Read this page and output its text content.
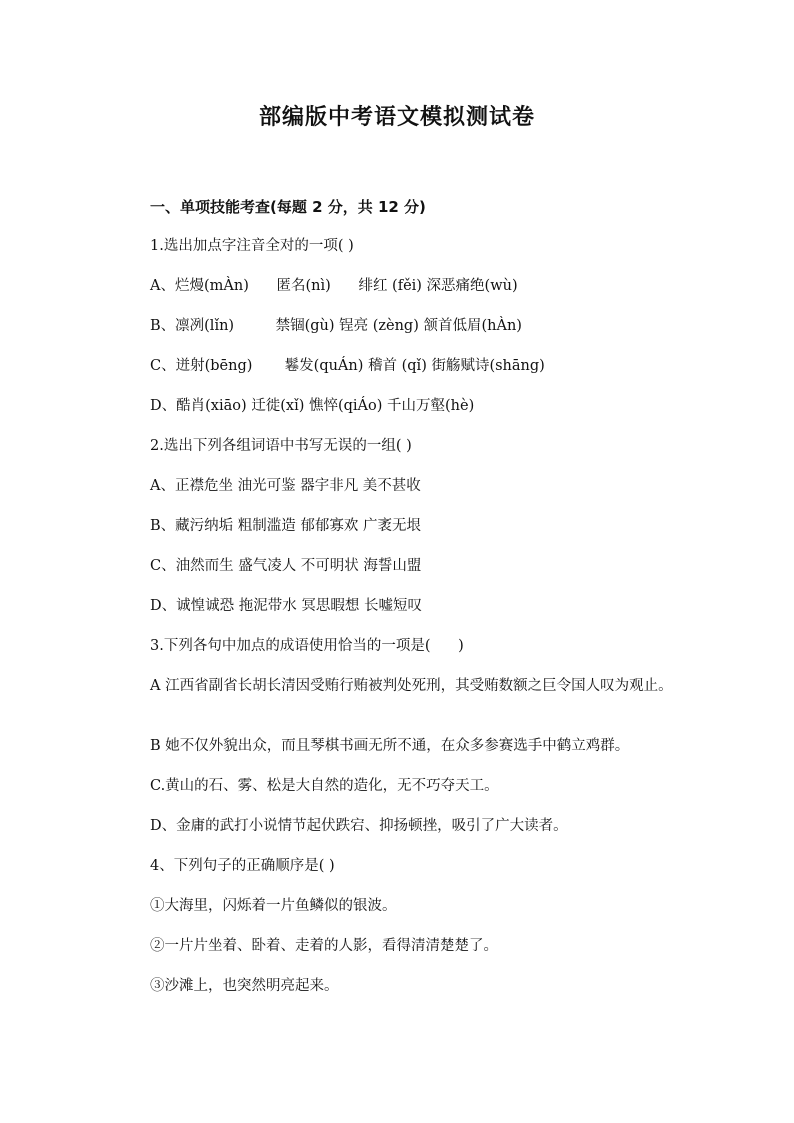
部编版中考语文模拟测试卷
一、单项技能考查(每题 2 分，共 12 分)
1.选出加点字注音全对的一项( )
A、烂熳(mÀn)      匿名(nì)      绯红 (fěi) 深恶痛绝(wù)
B、凛冽(lǐn)         禁锢(gù) 锃亮 (zèng) 颔首低眉(hÀn)
C、迸射(bēng)       鬈发(quÁn) 稽首 (qǐ) 街觞赋诗(shāng)
D、酷肖(xiāo) 迁徙(xǐ) 憔悴(qiÁo) 千山万壑(hè)
2.选出下列各组词语中书写无误的一组( )
A、正襟危坐 油光可鉴 器宇非凡 美不甚收
B、藏污纳垢 粗制滥造 郁郁寡欢 广袤无垠
C、油然而生 盛气凌人 不可明状 海誓山盟
D、诚惶诚恐 拖泥带水 冥思暇想 长嘘短叹
3.下列各句中加点的成语使用恰当的一项是(      )
A 江西省副省长胡长清因受贿行贿被判处死刑，其受贿数额之巨令国人叹为观止。
B 她不仅外貌出众，而且琴棋书画无所不通，在众多参赛选手中鹤立鸡群。
C.黄山的石、雾、松是大自然的造化，无不巧夺天工。
D、金庸的武打小说情节起伏跌宕、抑扬顿挫，吸引了广大读者。
4、下列句子的正确顺序是( )
①大海里，闪烁着一片鱼鳞似的银波。
②一片片坐着、卧着、走着的人影，看得清清楚楚了。
③沙滩上，也突然明亮起来。
